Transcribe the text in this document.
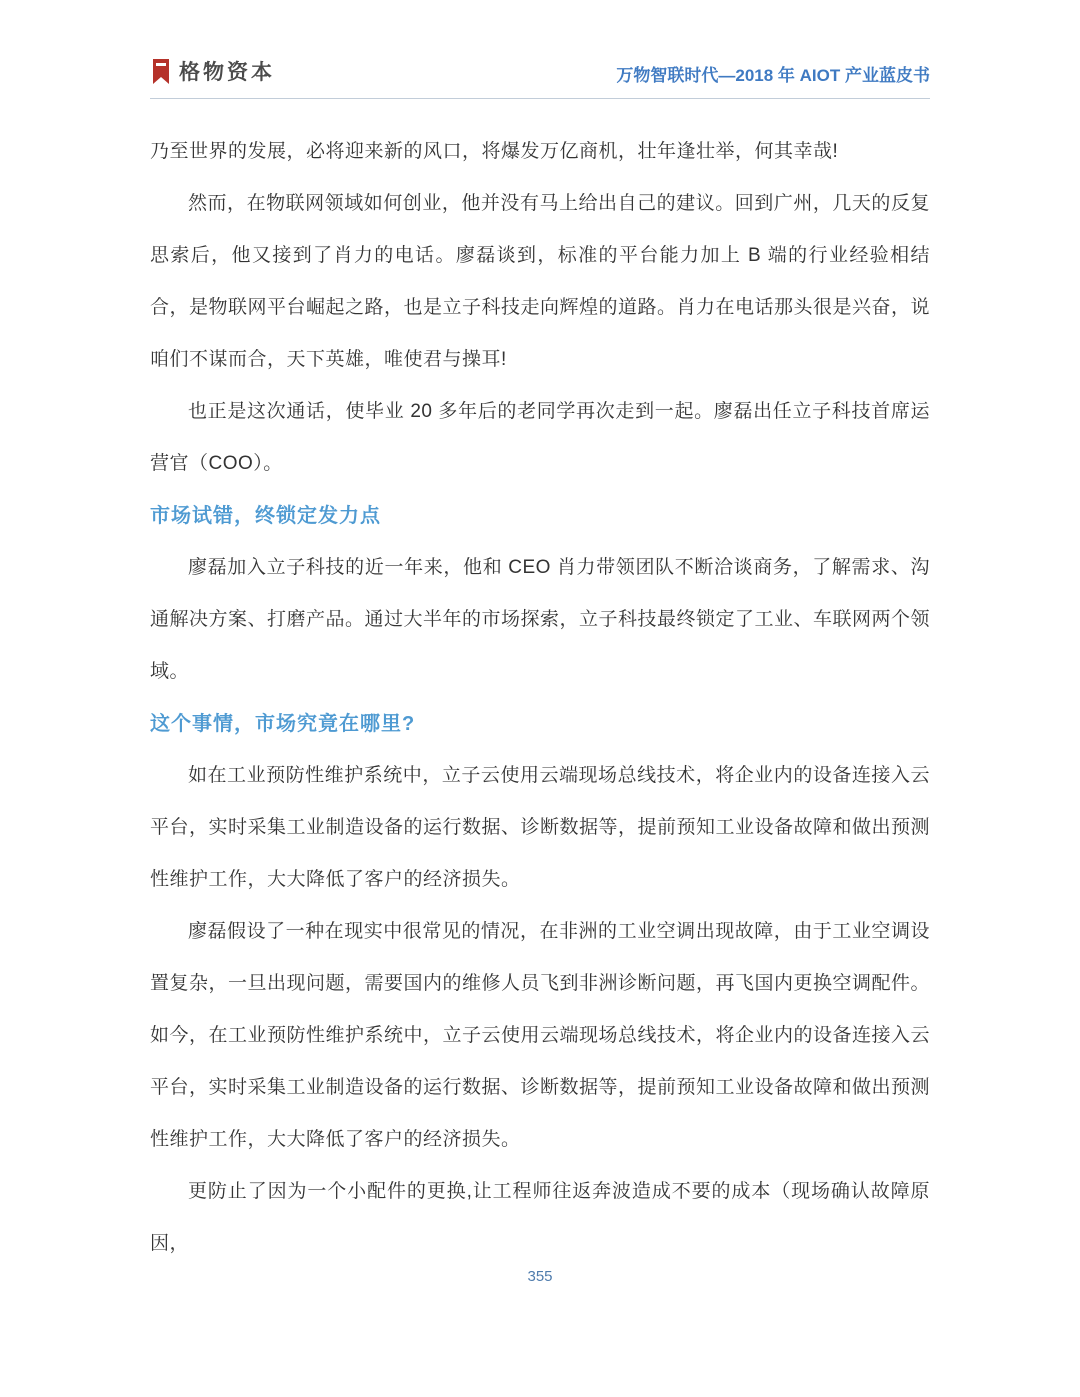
格物资本	万物智联时代—2018 年 AIOT 产业蓝皮书

乃至世界的发展，必将迎来新的风口，将爆发万亿商机，壮年逢壮举，何其幸哉!

然而，在物联网领域如何创业，他并没有马上给出自己的建议。回到广州，几天的反复思索后，他又接到了肖力的电话。廖磊谈到，标准的平台能力加上 B 端的行业经验相结合，是物联网平台崛起之路，也是立子科技走向辉煌的道路。肖力在电话那头很是兴奋，说咱们不谋而合，天下英雄，唯使君与操耳!

也正是这次通话，使毕业 20 多年后的老同学再次走到一起。廖磊出任立子科技首席运营官（COO）。

市场试错，终锁定发力点

廖磊加入立子科技的近一年来，他和 CEO 肖力带领团队不断洽谈商务，了解需求、沟通解决方案、打磨产品。通过大半年的市场探索，立子科技最终锁定了工业、车联网两个领域。

这个事情，市场究竟在哪里?

如在工业预防性维护系统中，立子云使用云端现场总线技术，将企业内的设备连接入云平台，实时采集工业制造设备的运行数据、诊断数据等，提前预知工业设备故障和做出预测性维护工作，大大降低了客户的经济损失。

廖磊假设了一种在现实中很常见的情况，在非洲的工业空调出现故障，由于工业空调设置复杂，一旦出现问题，需要国内的维修人员飞到非洲诊断问题，再飞国内更换空调配件。如今，在工业预防性维护系统中，立子云使用云端现场总线技术，将企业内的设备连接入云平台，实时采集工业制造设备的运行数据、诊断数据等，提前预知工业设备故障和做出预测性维护工作，大大降低了客户的经济损失。

更防止了因为一个小配件的更换,让工程师往返奔波造成不要的成本（现场确认故障原因，

355
